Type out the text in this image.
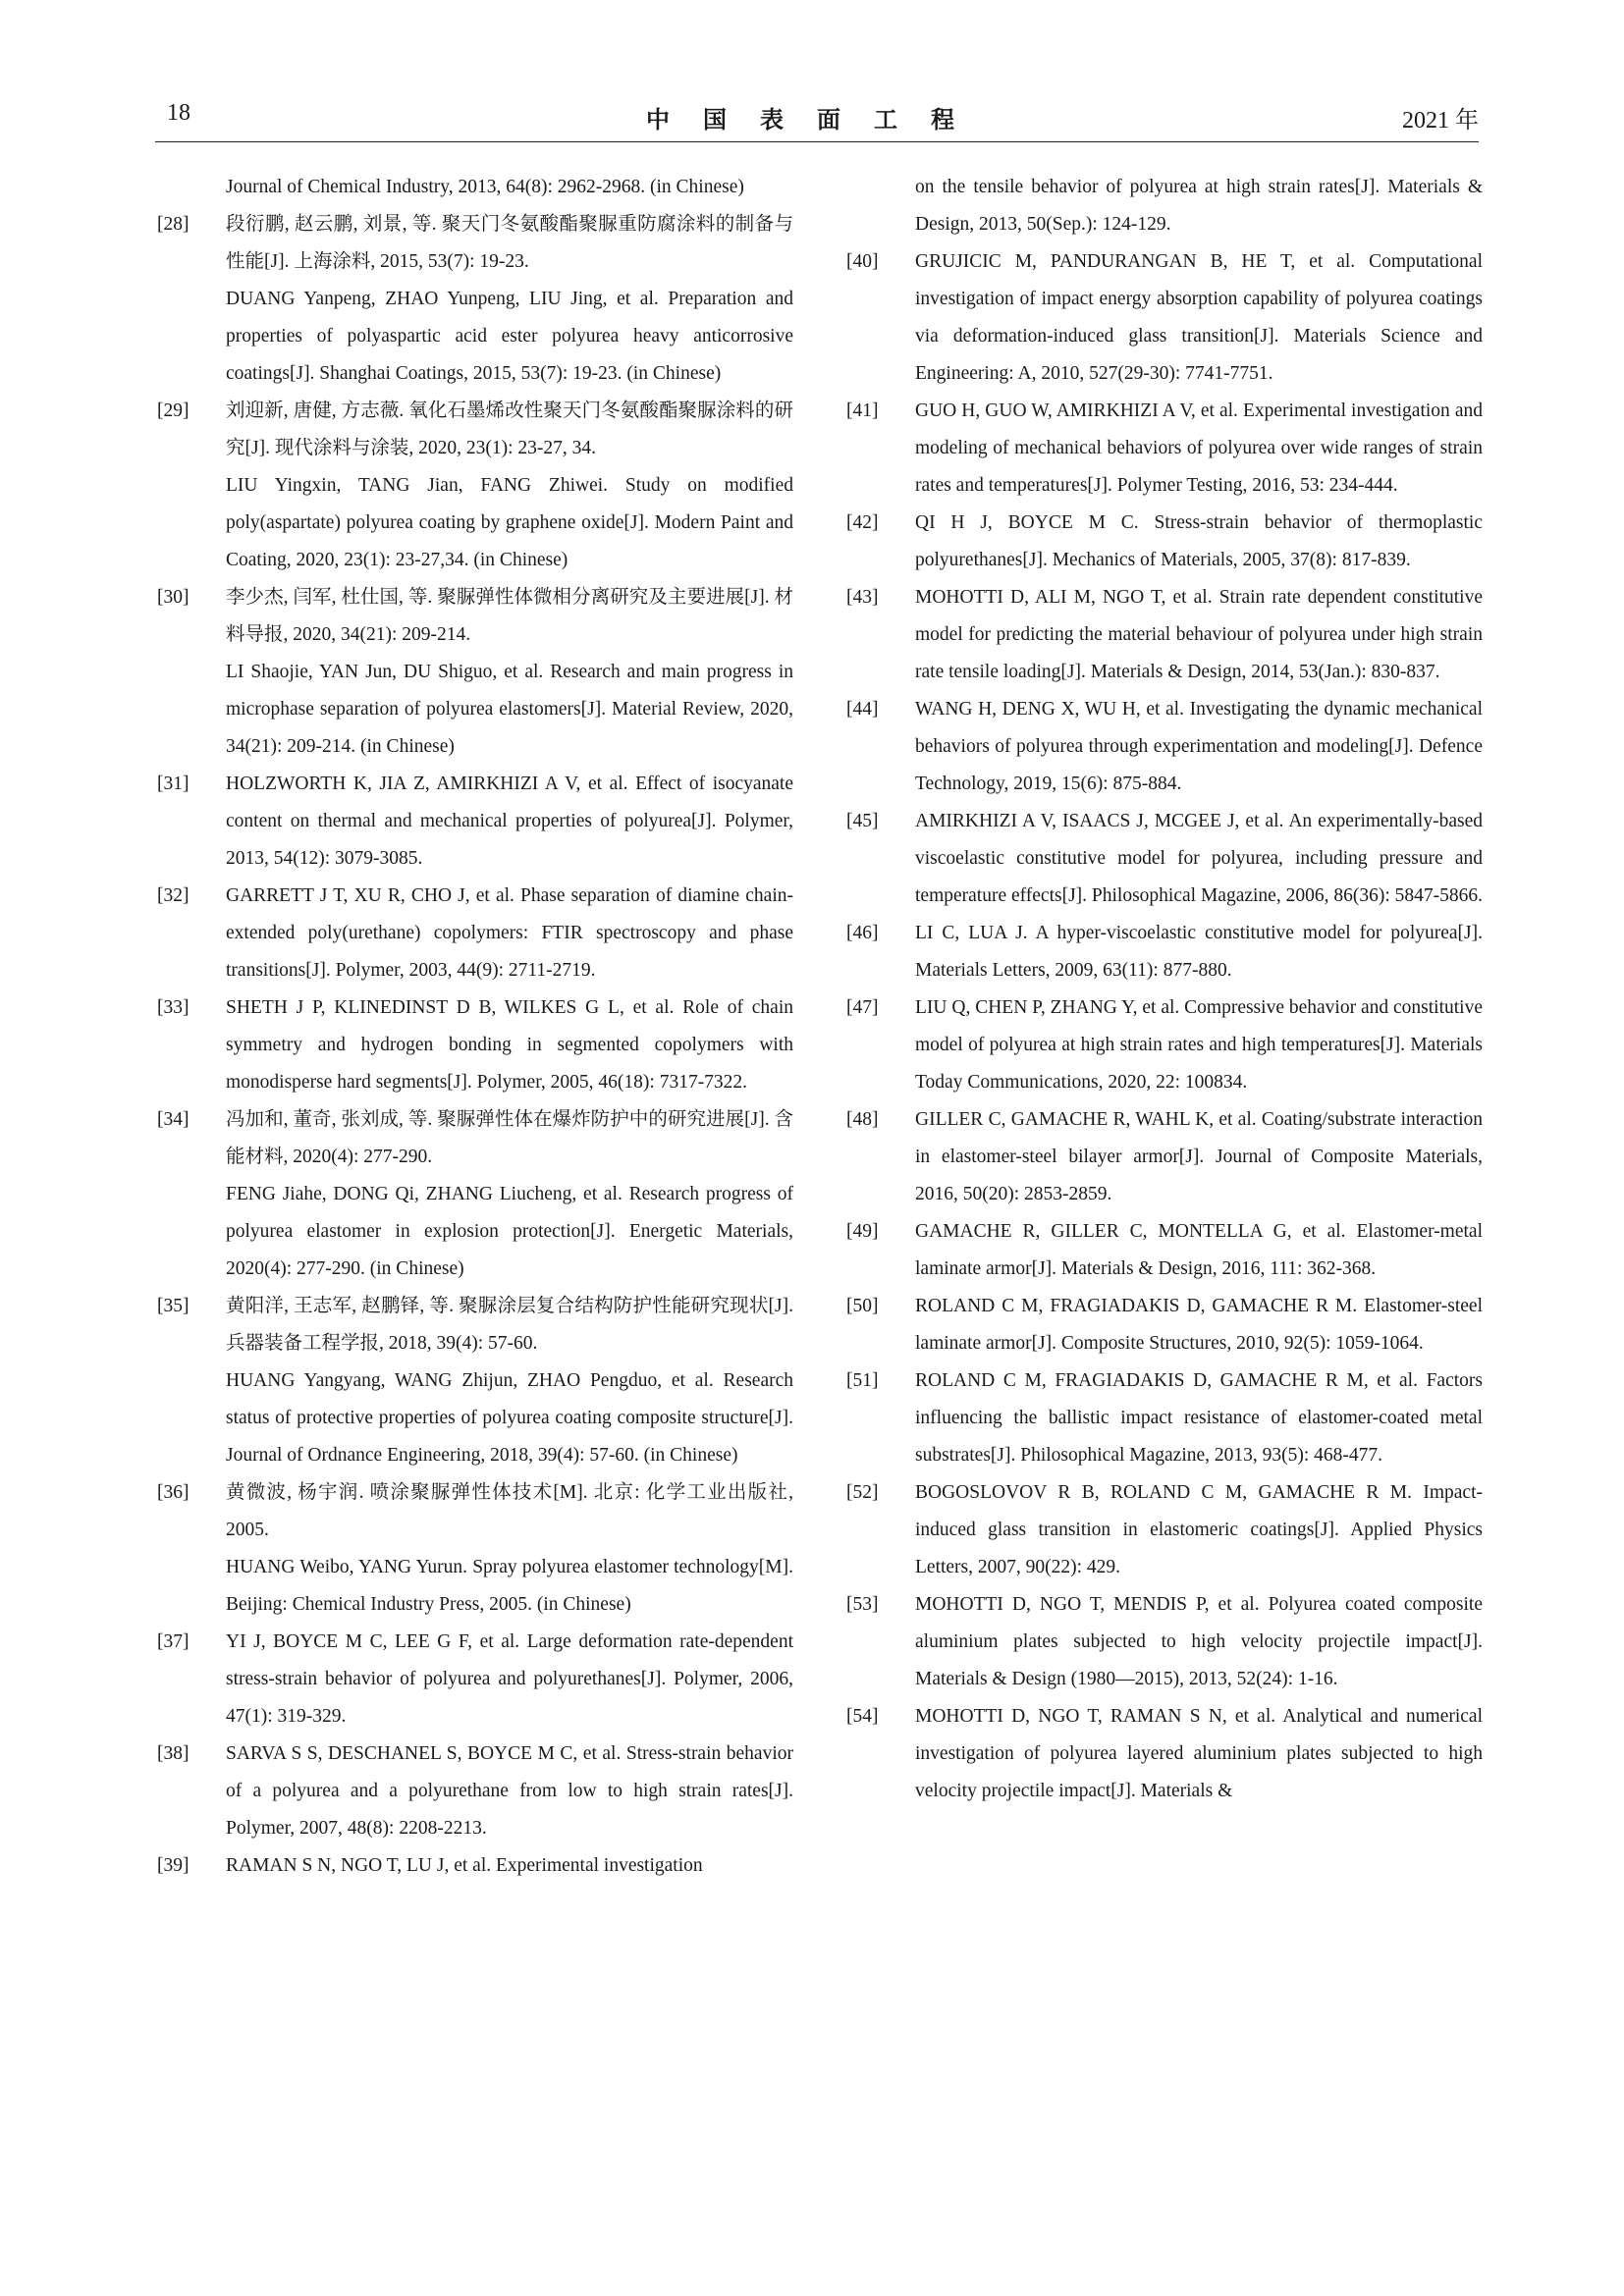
18	中国表面工程	2021 年

Journal of Chemical Industry, 2013, 64(8): 2962-2968. (in Chinese)

[28] 段衍鹏, 赵云鹏, 刘景, 等. 聚天门冬氨酸酯聚脲重防腐涂料的制备与性能[J]. 上海涂料, 2015, 53(7): 19-23.

DUANG Yanpeng, ZHAO Yunpeng, LIU Jing, et al. Preparation and properties of polyaspartic acid ester polyurea heavy anticorrosive coatings[J]. Shanghai Coatings, 2015, 53(7): 19-23. (in Chinese)

[29] 刘迎新, 唐健, 方志薇. 氧化石墨烯改性聚天门冬氨酸酯聚脲涂料的研究[J]. 现代涂料与涂装, 2020, 23(1): 23-27, 34.

LIU Yingxin, TANG Jian, FANG Zhiwei. Study on modified poly(aspartate) polyurea coating by graphene oxide[J]. Modern Paint and Coating, 2020, 23(1): 23-27,34. (in Chinese)

[30] 李少杰, 闫军, 杜仕国, 等. 聚脲弹性体微相分离研究及主要进展[J]. 材料导报, 2020, 34(21): 209-214.

LI Shaojie, YAN Jun, DU Shiguo, et al. Research and main progress in microphase separation of polyurea elastomers[J]. Material Review, 2020, 34(21): 209-214. (in Chinese)

[31] HOLZWORTH K, JIA Z, AMIRKHIZI A V, et al. Effect of isocyanate content on thermal and mechanical properties of polyurea[J]. Polymer, 2013, 54(12): 3079-3085.

[32] GARRETT J T, XU R, CHO J, et al. Phase separation of diamine chain-extended poly(urethane) copolymers: FTIR spectroscopy and phase transitions[J]. Polymer, 2003, 44(9): 2711-2719.

[33] SHETH J P, KLINEDINST D B, WILKES G L, et al. Role of chain symmetry and hydrogen bonding in segmented copolymers with monodisperse hard segments[J]. Polymer, 2005, 46(18): 7317-7322.

[34] 冯加和, 董奇, 张刘成, 等. 聚脲弹性体在爆炸防护中的研究进展[J]. 含能材料, 2020(4): 277-290.

FENG Jiahe, DONG Qi, ZHANG Liucheng, et al. Research progress of polyurea elastomer in explosion protection[J]. Energetic Materials, 2020(4): 277-290. (in Chinese)

[35] 黄阳洋, 王志军, 赵鹏铎, 等. 聚脲涂层复合结构防护性能研究现状[J]. 兵器装备工程学报, 2018, 39(4): 57-60.

HUANG Yangyang, WANG Zhijun, ZHAO Pengduo, et al. Research status of protective properties of polyurea coating composite structure[J]. Journal of Ordnance Engineering, 2018, 39(4): 57-60. (in Chinese)

[36] 黄微波, 杨宇润. 喷涂聚脲弹性体技术[M]. 北京: 化学工业出版社, 2005.

HUANG Weibo, YANG Yurun. Spray polyurea elastomer technology[M]. Beijing: Chemical Industry Press, 2005. (in Chinese)

[37] YI J, BOYCE M C, LEE G F, et al. Large deformation rate-dependent stress-strain behavior of polyurea and polyurethanes[J]. Polymer, 2006, 47(1): 319-329.

[38] SARVA S S, DESCHANEL S, BOYCE M C, et al. Stress-strain behavior of a polyurea and a polyurethane from low to high strain rates[J]. Polymer, 2007, 48(8): 2208-2213.

[39] RAMAN S N, NGO T, LU J, et al. Experimental investigation

on the tensile behavior of polyurea at high strain rates[J]. Materials & Design, 2013, 50(Sep.): 124-129.

[40] GRUJICIC M, PANDURANGAN B, HE T, et al. Computational investigation of impact energy absorption capability of polyurea coatings via deformation-induced glass transition[J]. Materials Science and Engineering: A, 2010, 527(29-30): 7741-7751.

[41] GUO H, GUO W, AMIRKHIZI A V, et al. Experimental investigation and modeling of mechanical behaviors of polyurea over wide ranges of strain rates and temperatures[J]. Polymer Testing, 2016, 53: 234-444.

[42] QI H J, BOYCE M C. Stress-strain behavior of thermoplastic polyurethanes[J]. Mechanics of Materials, 2005, 37(8): 817-839.

[43] MOHOTTI D, ALI M, NGO T, et al. Strain rate dependent constitutive model for predicting the material behaviour of polyurea under high strain rate tensile loading[J]. Materials & Design, 2014, 53(Jan.): 830-837.

[44] WANG H, DENG X, WU H, et al. Investigating the dynamic mechanical behaviors of polyurea through experimentation and modeling[J]. Defence Technology, 2019, 15(6): 875-884.

[45] AMIRKHIZI A V, ISAACS J, MCGEE J, et al. An experimentally-based viscoelastic constitutive model for polyurea, including pressure and temperature effects[J]. Philosophical Magazine, 2006, 86(36): 5847-5866.

[46] LI C, LUA J. A hyper-viscoelastic constitutive model for polyurea[J]. Materials Letters, 2009, 63(11): 877-880.

[47] LIU Q, CHEN P, ZHANG Y, et al. Compressive behavior and constitutive model of polyurea at high strain rates and high temperatures[J]. Materials Today Communications, 2020, 22: 100834.

[48] GILLER C, GAMACHE R, WAHL K, et al. Coating/substrate interaction in elastomer-steel bilayer armor[J]. Journal of Composite Materials, 2016, 50(20): 2853-2859.

[49] GAMACHE R, GILLER C, MONTELLA G, et al. Elastomer-metal laminate armor[J]. Materials & Design, 2016, 111: 362-368.

[50] ROLAND C M, FRAGIADAKIS D, GAMACHE R M. Elastomer-steel laminate armor[J]. Composite Structures, 2010, 92(5): 1059-1064.

[51] ROLAND C M, FRAGIADAKIS D, GAMACHE R M, et al. Factors influencing the ballistic impact resistance of elastomer-coated metal substrates[J]. Philosophical Magazine, 2013, 93(5): 468-477.

[52] BOGOSLOVOV R B, ROLAND C M, GAMACHE R M. Impact-induced glass transition in elastomeric coatings[J]. Applied Physics Letters, 2007, 90(22): 429.

[53] MOHOTTI D, NGO T, MENDIS P, et al. Polyurea coated composite aluminium plates subjected to high velocity projectile impact[J]. Materials & Design (1980—2015), 2013, 52(24): 1-16.

[54] MOHOTTI D, NGO T, RAMAN S N, et al. Analytical and numerical investigation of polyurea layered aluminium plates subjected to high velocity projectile impact[J]. Materials &
